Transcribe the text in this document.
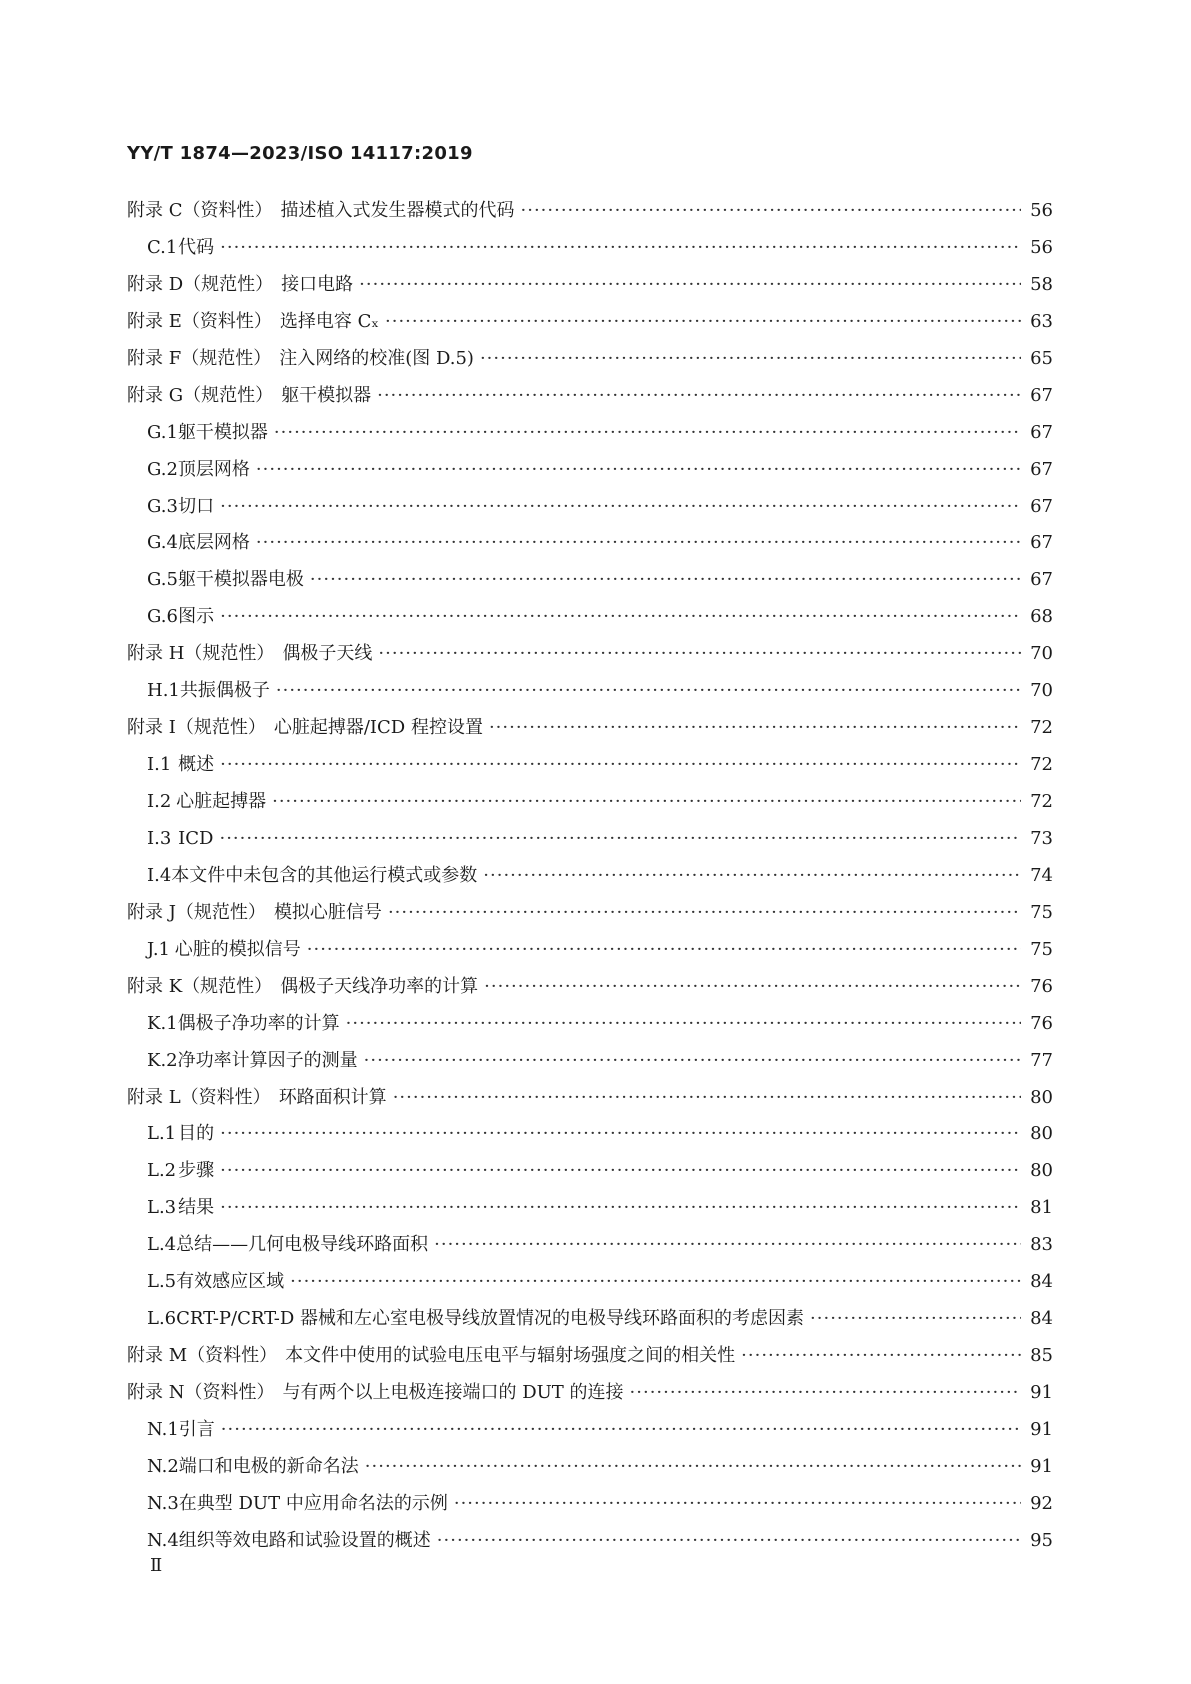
YY/T 1874—2023/ISO 14117:2019
附录 C（资料性） 描述植入式发生器模式的代码 ·····	56
C.1 代码 ·····	56
附录 D（规范性） 接口电路 ·····	58
附录 E（资料性） 选择电容 Cₓ ·····	63
附录 F（规范性） 注入网络的校准(图 D.5) ·····	65
附录 G（规范性） 躯干模拟器 ·····	67
G.1 躯干模拟器 ·····	67
G.2 顶层网格 ·····	67
G.3 切口 ·····	67
G.4 底层网格 ·····	67
G.5 躯干模拟器电极 ·····	67
G.6 图示 ·····	68
附录 H（规范性） 偶极子天线 ·····	70
H.1 共振偶极子 ·····	70
附录 I（规范性） 心脏起搏器/ICD 程控设置 ·····	72
I.1 概述 ·····	72
I.2 心脏起搏器 ·····	72
I.3 ICD ·····	73
I.4 本文件中未包含的其他运行模式或参数 ·····	74
附录 J（规范性） 模拟心脏信号 ·····	75
J.1 心脏的模拟信号 ·····	75
附录 K（规范性） 偶极子天线净功率的计算 ·····	76
K.1 偶极子净功率的计算 ·····	76
K.2 净功率计算因子的测量 ·····	77
附录 L（资料性） 环路面积计算 ·····	80
L.1 目的 ·····	80
L.2 步骤 ·····	80
L.3 结果 ·····	81
L.4 总结——几何电极导线环路面积 ·····	83
L.5 有效感应区域 ·····	84
L.6 CRT-P/CRT-D 器械和左心室电极导线放置情况的电极导线环路面积的考虑因素 ·····	84
附录 M（资料性） 本文件中使用的试验电压电平与辐射场强度之间的相关性 ·····	85
附录 N（资料性） 与有两个以上电极连接端口的 DUT 的连接 ·····	91
N.1 引言 ·····	91
N.2 端口和电极的新命名法 ·····	91
N.3 在典型 DUT 中应用命名法的示例 ·····	92
N.4 组织等效电路和试验设置的概述 ·····	95
Ⅱ
